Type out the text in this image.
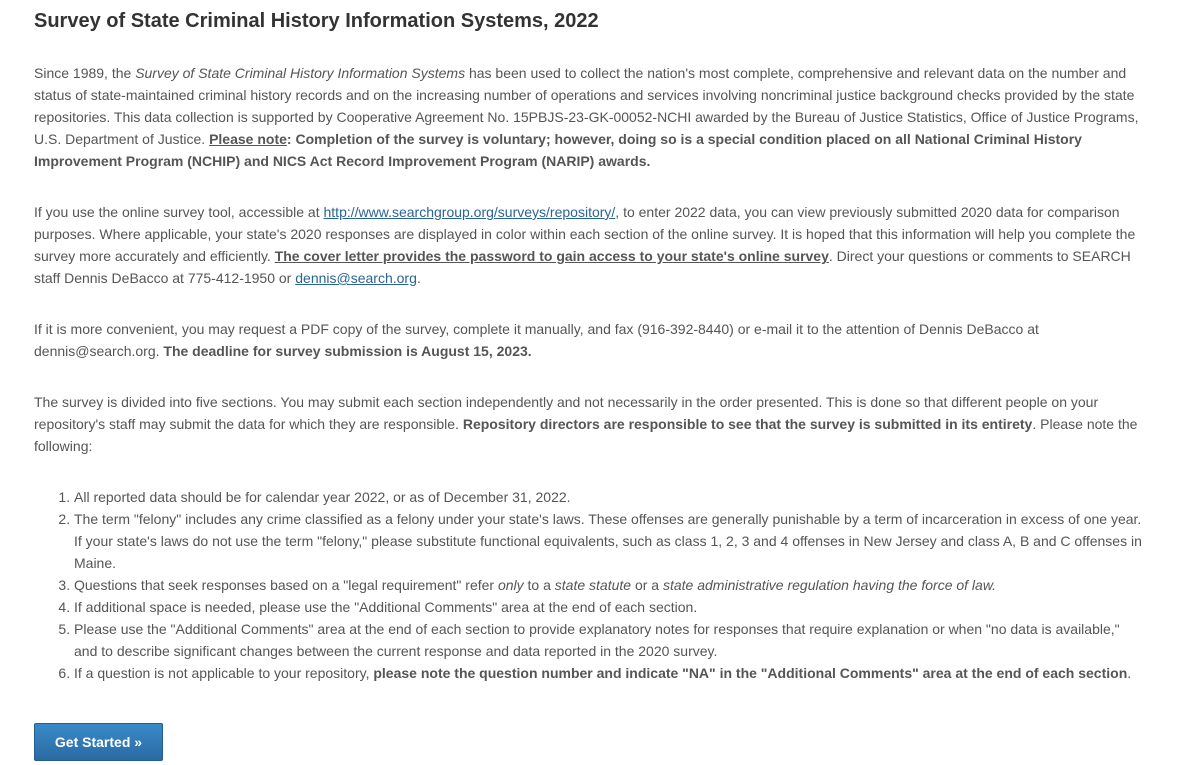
Survey of State Criminal History Information Systems, 2022

Since 1989, the Survey of State Criminal History Information Systems has been used to collect the nation's most complete, comprehensive and relevant data on the number and status of state-maintained criminal history records and on the increasing number of operations and services involving noncriminal justice background checks provided by the state repositories. This data collection is supported by Cooperative Agreement No. 15PBJS-23-GK-00052-NCHI awarded by the Bureau of Justice Statistics, Office of Justice Programs, U.S. Department of Justice. Please note: Completion of the survey is voluntary; however, doing so is a special condition placed on all National Criminal History Improvement Program (NCHIP) and NICS Act Record Improvement Program (NARIP) awards.

If you use the online survey tool, accessible at http://www.searchgroup.org/surveys/repository/, to enter 2022 data, you can view previously submitted 2020 data for comparison purposes. Where applicable, your state's 2020 responses are displayed in color within each section of the online survey. It is hoped that this information will help you complete the survey more accurately and efficiently. The cover letter provides the password to gain access to your state's online survey. Direct your questions or comments to SEARCH staff Dennis DeBacco at 775-412-1950 or dennis@search.org.

If it is more convenient, you may request a PDF copy of the survey, complete it manually, and fax (916-392-8440) or e-mail it to the attention of Dennis DeBacco at dennis@search.org. The deadline for survey submission is August 15, 2023.

The survey is divided into five sections. You may submit each section independently and not necessarily in the order presented. This is done so that different people on your repository's staff may submit the data for which they are responsible. Repository directors are responsible to see that the survey is submitted in its entirety. Please note the following:

1. All reported data should be for calendar year 2022, or as of December 31, 2022.
2. The term "felony" includes any crime classified as a felony under your state's laws. These offenses are generally punishable by a term of incarceration in excess of one year. If your state's laws do not use the term "felony," please substitute functional equivalents, such as class 1, 2, 3 and 4 offenses in New Jersey and class A, B and C offenses in Maine.
3. Questions that seek responses based on a "legal requirement" refer only to a state statute or a state administrative regulation having the force of law.
4. If additional space is needed, please use the "Additional Comments" area at the end of each section.
5. Please use the "Additional Comments" area at the end of each section to provide explanatory notes for responses that require explanation or when "no data is available," and to describe significant changes between the current response and data reported in the 2020 survey.
6. If a question is not applicable to your repository, please note the question number and indicate "NA" in the "Additional Comments" area at the end of each section.
Get Started »
